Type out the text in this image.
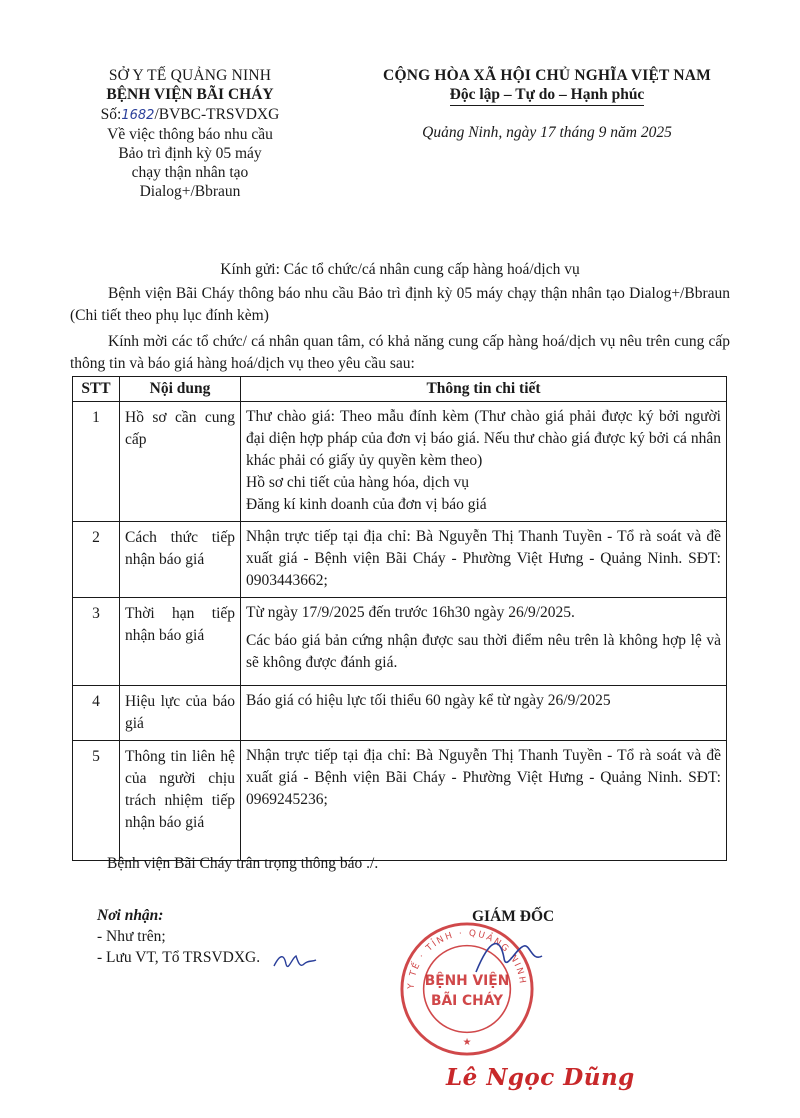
SỞ Y TẾ QUẢNG NINH
BỆNH VIỆN BÃI CHÁY
Số:1682/BVBC-TRSVDXG
Về việc thông báo nhu cầu
Bảo trì định kỳ 05 máy
chạy thận nhân tạo
Dialog+/Bbraun
CỘNG HÒA XÃ HỘI CHỦ NGHĨA VIỆT NAM
Độc lập – Tự do – Hạnh phúc
Quảng Ninh, ngày 17 tháng 9 năm 2025
Kính gửi: Các tổ chức/cá nhân cung cấp hàng hoá/dịch vụ
Bệnh viện Bãi Cháy thông báo nhu cầu Bảo trì định kỳ 05 máy chạy thận nhân tạo Dialog+/Bbraun (Chi tiết theo phụ lục đính kèm)
Kính mời các tổ chức/ cá nhân quan tâm, có khả năng cung cấp hàng hoá/dịch vụ nêu trên cung cấp thông tin và báo giá hàng hoá/dịch vụ theo yêu cầu sau:
STT	Nội dung	Thông tin chi tiết
1	Hồ sơ cần cung cấp	
Thư chào giá: Theo mẫu đính kèm (Thư chào giá phải được ký bởi người đại diện hợp pháp của đơn vị báo giá. Nếu thư chào giá được ký bởi cá nhân khác phải có giấy ủy quyền kèm theo)
Hồ sơ chi tiết của hàng hóa, dịch vụ
Đăng kí kinh doanh của đơn vị báo giá

2	Cách thức tiếp nhận báo giá	
Nhận trực tiếp tại địa chỉ: Bà Nguyễn Thị Thanh Tuyền - Tổ rà soát và đề xuất giá - Bệnh viện Bãi Cháy - Phường Việt Hưng - Quảng Ninh. SĐT: 0903443662;

3	Thời hạn tiếp nhận báo giá	
Từ ngày 17/9/2025 đến trước 16h30 ngày 26/9/2025.
Các báo giá bản cứng nhận được sau thời điểm nêu trên là không hợp lệ và sẽ không được đánh giá.

4	Hiệu lực của báo giá	
Báo giá có hiệu lực tối thiểu 60 ngày kể từ ngày 26/9/2025

5	Thông tin liên hệ của người chịu trách nhiệm tiếp nhận báo giá	
Nhận trực tiếp tại địa chỉ: Bà Nguyễn Thị Thanh Tuyền - Tổ rà soát và đề xuất giá - Bệnh viện Bãi Cháy - Phường Việt Hưng - Quảng Ninh. SĐT: 0969245236;
Bệnh viện Bãi Cháy trân trọng thông báo ./.
Nơi nhận:
- Như trên;
- Lưu VT, Tổ TRSVDXG.
GIÁM ĐỐC
Y TẾ · TỈNH · QUẢNG NINH
BỆNH VIỆN
BÃI CHÁY
★
Lê Ngọc Dũng
